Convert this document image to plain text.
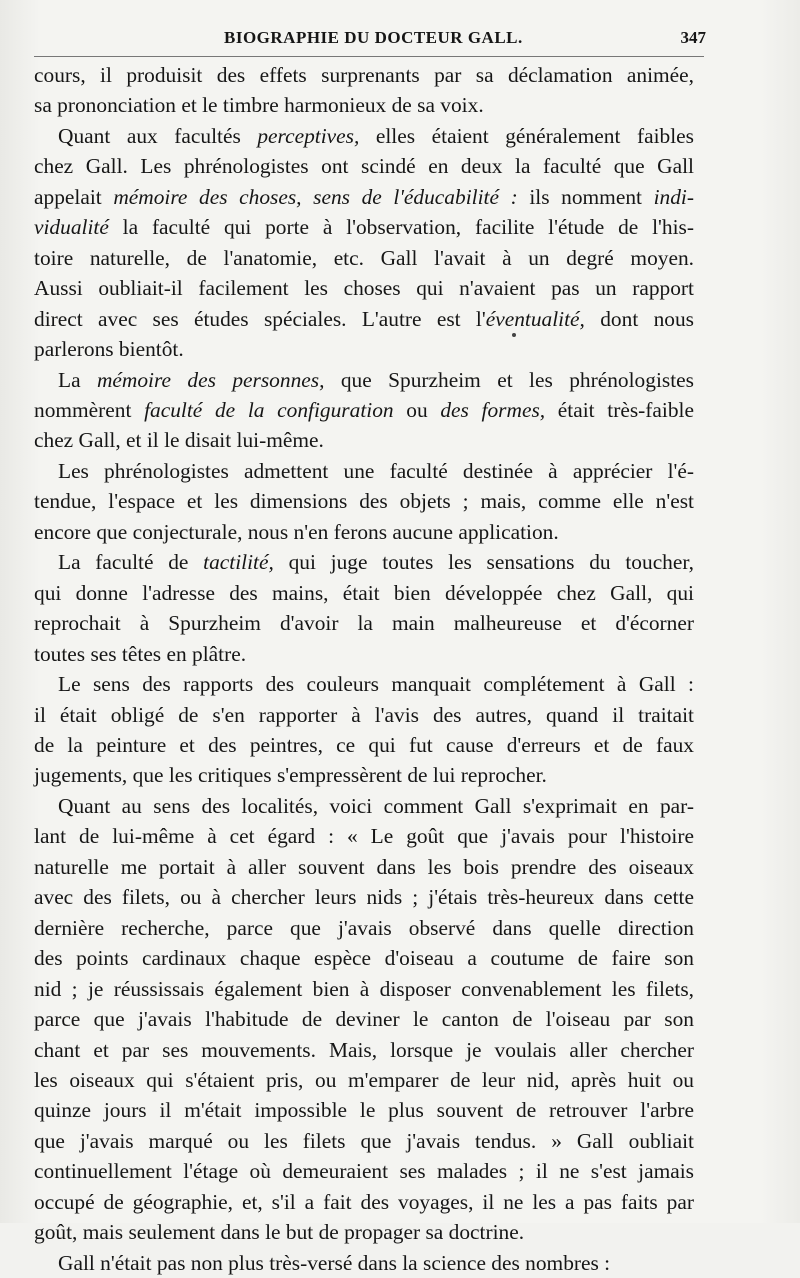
BIOGRAPHIE DU DOCTEUR GALL.	347
cours, il produisit des effets surprenants par sa déclamation animée,
sa prononciation et le timbre harmonieux de sa voix.
Quant aux facultés perceptives, elles étaient généralement faibles
chez Gall. Les phrénologistes ont scindé en deux la faculté que Gall
appelait mémoire des choses, sens de l'éducabilité : ils nomment indi-
vidualité la faculté qui porte à l'observation, facilite l'étude de l'his-
toire naturelle, de l'anatomie, etc. Gall l'avait à un degré moyen.
Aussi oubliait-il facilement les choses qui n'avaient pas un rapport
direct avec ses études spéciales. L'autre est l'éventualité, dont nous
parlerons bientôt.
La mémoire des personnes, que Spurzheim et les phrénologistes
nommèrent faculté de la configuration ou des formes, était très-faible
chez Gall, et il le disait lui-même.
Les phrénologistes admettent une faculté destinée à apprécier l'é-
tendue, l'espace et les dimensions des objets ; mais, comme elle n'est
encore que conjecturale, nous n'en ferons aucune application.
La faculté de tactilité, qui juge toutes les sensations du toucher,
qui donne l'adresse des mains, était bien développée chez Gall, qui
reprochait à Spurzheim d'avoir la main malheureuse et d'écorner
toutes ses têtes en plâtre.
Le sens des rapports des couleurs manquait complétement à Gall :
il était obligé de s'en rapporter à l'avis des autres, quand il traitait
de la peinture et des peintres, ce qui fut cause d'erreurs et de faux
jugements, que les critiques s'empressèrent de lui reprocher.
Quant au sens des localités, voici comment Gall s'exprimait en par-
lant de lui-même à cet égard : « Le goût que j'avais pour l'histoire
naturelle me portait à aller souvent dans les bois prendre des oiseaux
avec des filets, ou à chercher leurs nids ; j'étais très-heureux dans cette
dernière recherche, parce que j'avais observé dans quelle direction
des points cardinaux chaque espèce d'oiseau a coutume de faire son
nid ; je réussissais également bien à disposer convenablement les filets,
parce que j'avais l'habitude de deviner le canton de l'oiseau par son
chant et par ses mouvements. Mais, lorsque je voulais aller chercher
les oiseaux qui s'étaient pris, ou m'emparer de leur nid, après huit ou
quinze jours il m'était impossible le plus souvent de retrouver l'arbre
que j'avais marqué ou les filets que j'avais tendus. » Gall oubliait
continuellement l'étage où demeuraient ses malades ; il ne s'est jamais
occupé de géographie, et, s'il a fait des voyages, il ne les a pas faits par
goût, mais seulement dans le but de propager sa doctrine.
Gall n'était pas non plus très-versé dans la science des nombres :
